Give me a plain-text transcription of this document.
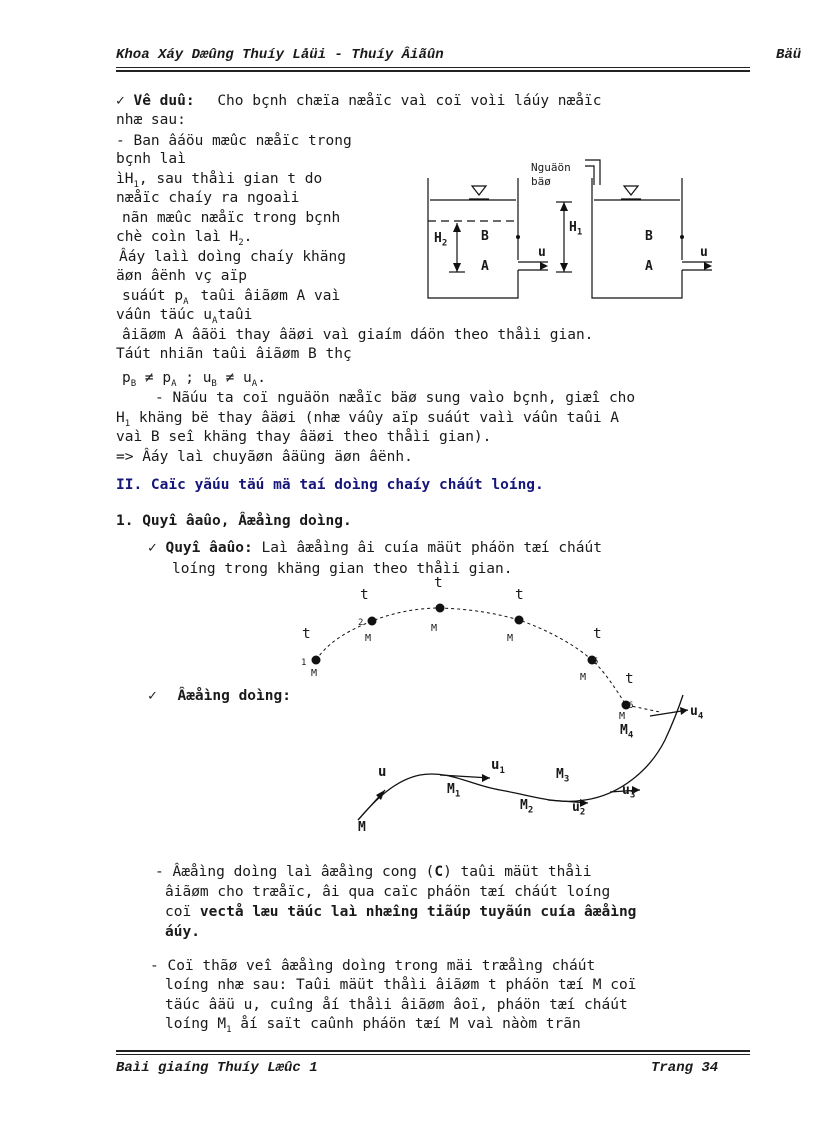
Khoa Xáy Dæûng Thuíy Låüi - Thuíy Âiãûn	Bäü
✓ Vê duû: Cho bçnh chæïa næåïc vaì coï voìi láúy næåïc
nhæ sau:
- Ban âáöu mæûc næåïc trong
bçnh laì
$ìH_1$, sau thåìi gian t do
næåïc chaíy ra ngoaìi
nãn mæûc næåïc trong bçnh
chè coìn laì $H_2$.
Âáy laìì doìng chaíy khäng
äøn âënh vç aïp
suáút $p_A$ taûi âiãøm A vaì
váûn täúc $u_Ataûi$
âiãøm A âãöi thay âäøi vaì giaím dáön theo thåìi gian.
Táút nhiãn taûi âiãøm B thç
$p_B \ne p_A$ ; $u_B \ne u_A$.
- Nãúu ta coï nguäön næåïc bäø sung vaìo bçnh, giæî cho
$H_1$ khäng bë thay âäøi (nhæ váûy aïp suáút vaìì váûn taûi A
vaì B seî khäng thay âäøi theo thåìi gian).
=> Âáy laì chuyãøn âäüng äøn âënh.
Nguäön
bäø
$H_2$	B
A
u
$H_1$	B
A
u
II. Caïc yãúu täú mä taí doìng chaíy cháút loíng.
1. Quyî âaûo, Âæåìng doìng.
✓ Quyî âaûo: Laì âæåìng âi cuía mäüt pháön tæí cháút
loíng trong khäng gian theo thåìi gian.
t
1
M
t
2
M
t
M
t
M	t
5
M	t
6
M
✓ Âæåìng doìng:
u
M
$u_1$
$M_1$
$M_2$	$u_2$
$M_3$
$u_3$
$M_4$
$u_4$
- Âæåìng doìng laì âæåìng cong (C) taûi mäüt thåìi
âiãøm cho træåïc, âi qua caïc pháön tæí cháút loíng
coï vectå læu täúc laì nhæîng tiãúp tuyãún cuía âæåìng
áúy.
- Coï thãø veî âæåìng doìng trong mäi træåìng cháút
loíng nhæ sau: Taûi mäüt thåìi âiãøm t pháön tæí M coï
täúc âäü u, cuîng åí thåìi âiãøm âoï, pháön tæí cháút
loíng $M_1$ åí saït caûnh pháön tæí M vaì nàòm trãn
Baìi giaíng Thuíy Læûc 1	Trang 34
